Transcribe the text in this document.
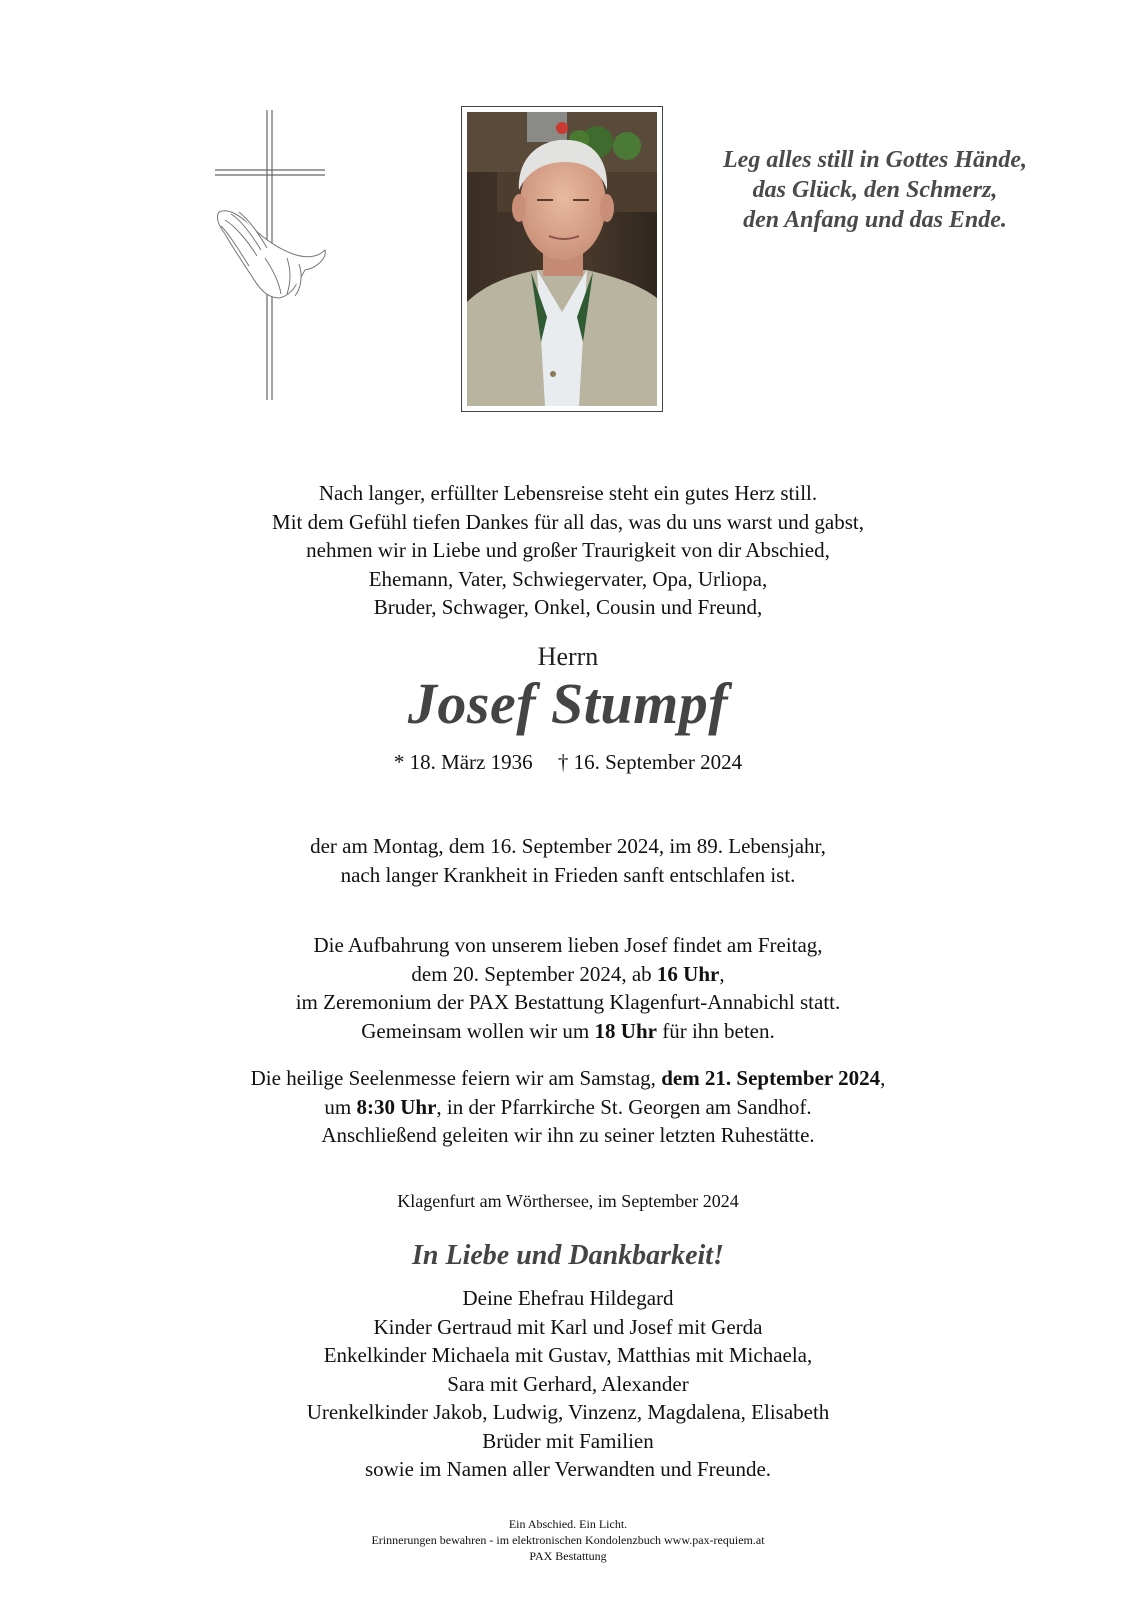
Leg alles still in Gottes Hände,
das Glück, den Schmerz,
den Anfang und das Ende.
Nach langer, erfüllter Lebensreise steht ein gutes Herz still.
Mit dem Gefühl tiefen Dankes für all das, was du uns warst und gabst,
nehmen wir in Liebe und großer Traurigkeit von dir Abschied,
Ehemann, Vater, Schwiegervater, Opa, Urliopa,
Bruder, Schwager, Onkel, Cousin und Freund,
Herrn
Josef Stumpf
* 18. März 1936 † 16. September 2024
der am Montag, dem 16. September 2024, im 89. Lebensjahr,
nach langer Krankheit in Frieden sanft entschlafen ist.
Die Aufbahrung von unserem lieben Josef findet am Freitag,
dem 20. September 2024, ab 16 Uhr,
im Zeremonium der PAX Bestattung Klagenfurt-Annabichl statt.
Gemeinsam wollen wir um 18 Uhr für ihn beten.
Die heilige Seelenmesse feiern wir am Samstag, dem 21. September 2024,
um 8:30 Uhr, in der Pfarrkirche St. Georgen am Sandhof.
Anschließend geleiten wir ihn zu seiner letzten Ruhestätte.
Klagenfurt am Wörthersee, im September 2024
In Liebe und Dankbarkeit!
Deine Ehefrau Hildegard
Kinder Gertraud mit Karl und Josef mit Gerda
Enkelkinder Michaela mit Gustav, Matthias mit Michaela,
Sara mit Gerhard, Alexander
Urenkelkinder Jakob, Ludwig, Vinzenz, Magdalena, Elisabeth
Brüder mit Familien
sowie im Namen aller Verwandten und Freunde.
Ein Abschied. Ein Licht.
Erinnerungen bewahren - im elektronischen Kondolenzbuch www.pax-requiem.at
PAX Bestattung
